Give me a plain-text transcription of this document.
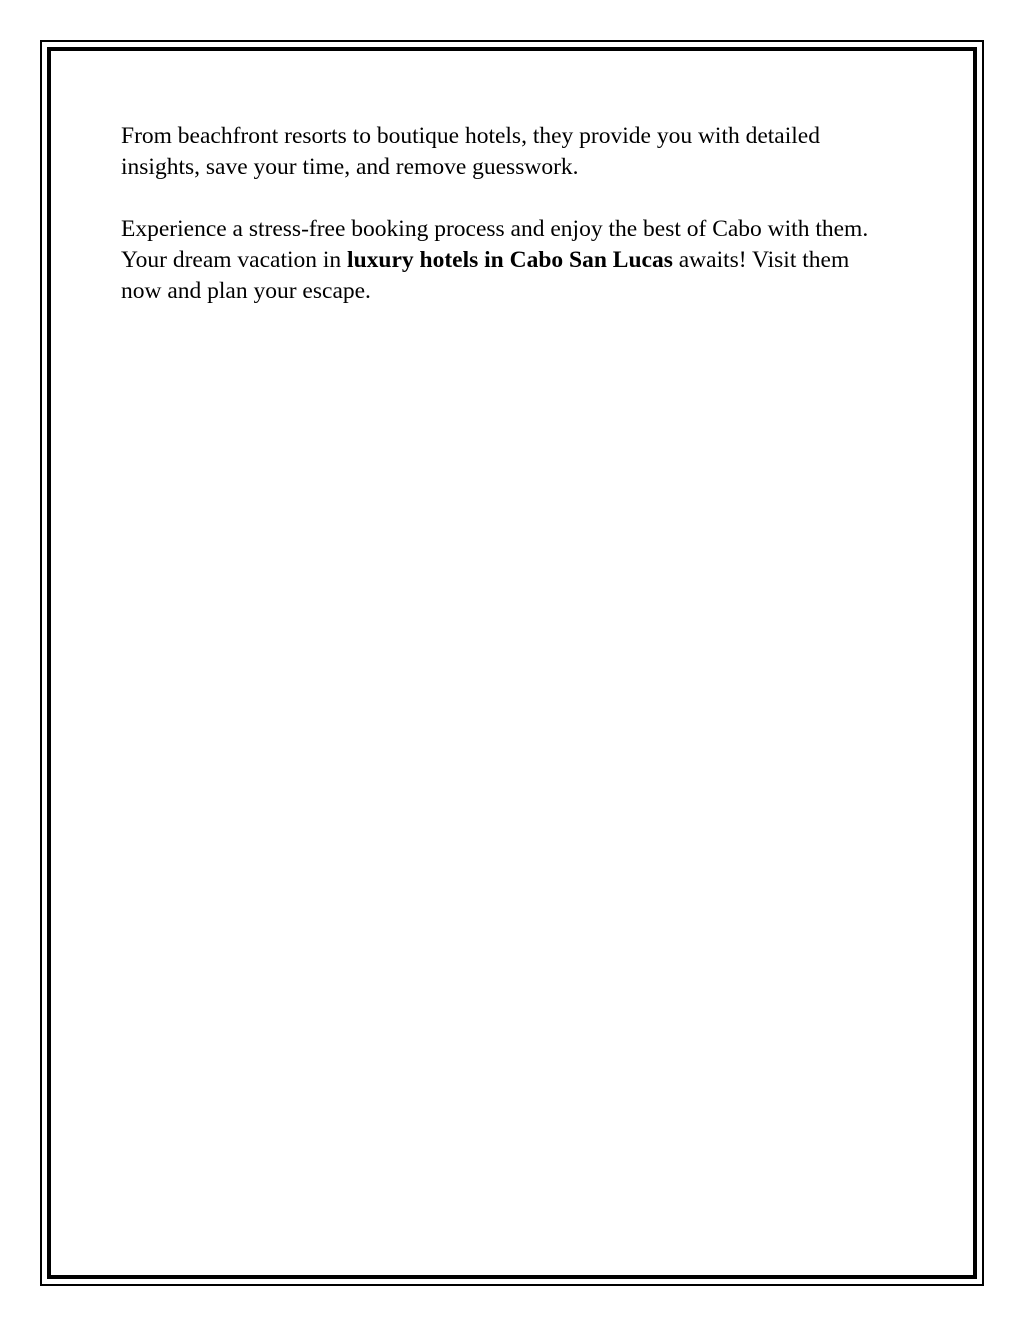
From beachfront resorts to boutique hotels, they provide you with detailed insights, save your time, and remove guesswork.

Experience a stress-free booking process and enjoy the best of Cabo with them. Your dream vacation in luxury hotels in Cabo San Lucas awaits! Visit them now and plan your escape.
